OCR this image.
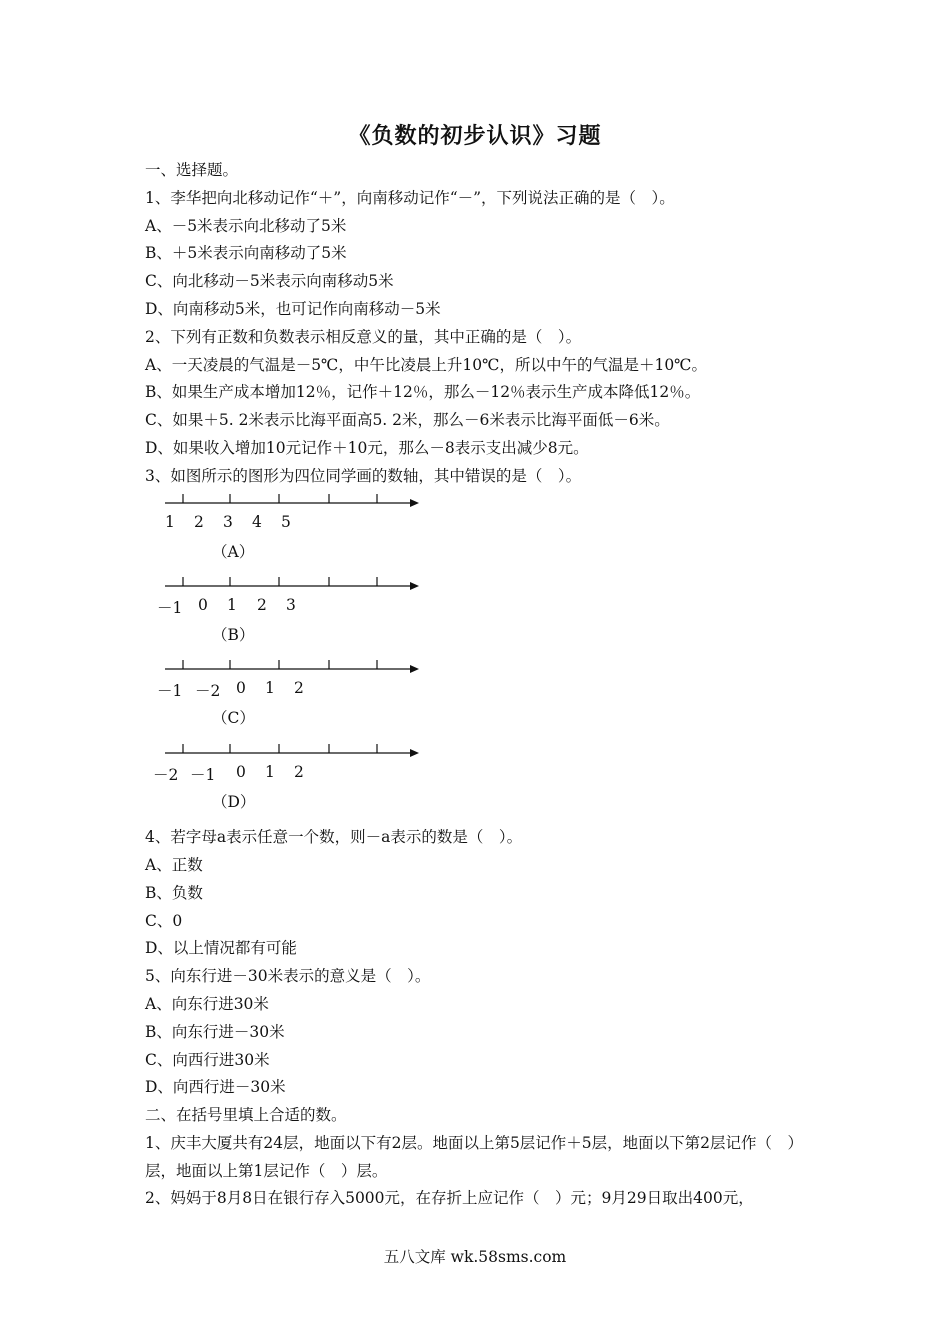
《负数的初步认识》习题
一、选择题。
1、李华把向北移动记作“＋”，向南移动记作“－”，下列说法正确的是（　）。
A、－5米表示向北移动了5米
B、＋5米表示向南移动了5米
C、向北移动－5米表示向南移动5米
D、向南移动5米，也可记作向南移动－5米
2、下列有正数和负数表示相反意义的量，其中正确的是（　）。
A、一天凌晨的气温是－5℃，中午比凌晨上升10℃，所以中午的气温是＋10℃。
B、如果生产成本增加12％，记作＋12％，那么－12％表示生产成本降低12％。
C、如果＋5. 2米表示比海平面高5. 2米，那么－6米表示比海平面低－6米。
D、如果收入增加10元记作＋10元，那么－8表示支出减少8元。
3、如图所示的图形为四位同学画的数轴，其中错误的是（　）。
1 2 3 4 5
（A）
－1 0 1 2 3
（B）
－1 －2 0 1 2
（C）
－2 －1 0 1 2
（D）
4、若字母a表示任意一个数，则－a表示的数是（　）。
A、正数
B、负数
C、0
D、以上情况都有可能
5、向东行进－30米表示的意义是（　）。
A、向东行进30米
B、向东行进－30米
C、向西行进30米
D、向西行进－30米
二、在括号里填上合适的数。
1、庆丰大厦共有24层，地面以下有2层。地面以上第5层记作＋5层，地面以下第2层记作（　）层，地面以上第1层记作（　）层。
2、妈妈于8月8日在银行存入5000元，在存折上应记作（　）元；9月29日取出400元，
五八文库 wk.58sms.com
